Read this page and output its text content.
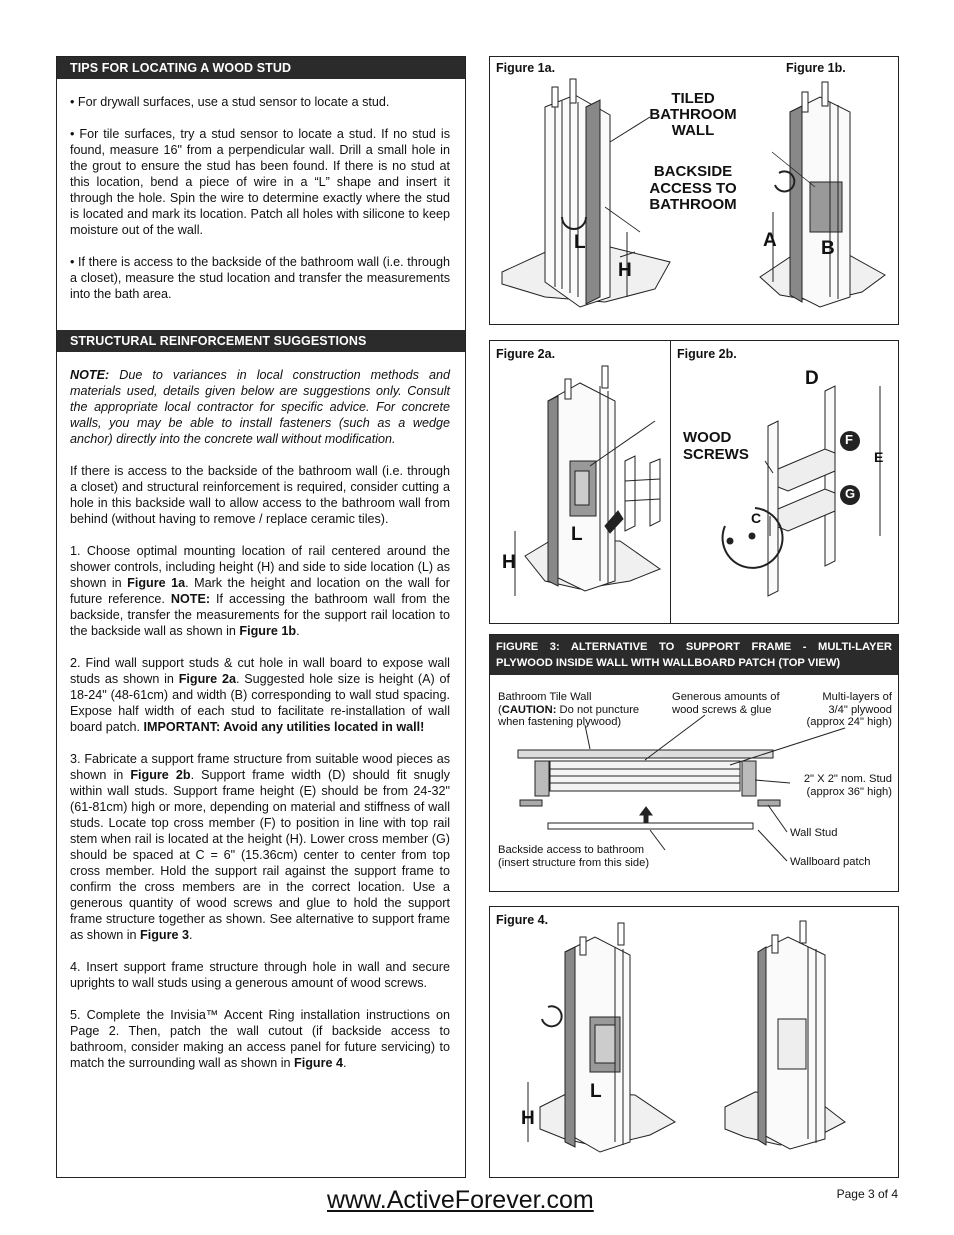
TIPS FOR LOCATING A WOOD STUD

• For drywall surfaces, use a stud sensor to locate a stud.

• For tile surfaces, try a stud sensor to locate a stud. If no stud is found, measure 16" from a perpendicular wall. Drill a small hole in the grout to ensure the stud has been found. If there is no stud at this location, bend a piece of wire in a “L” shape and insert it through the hole. Spin the wire to determine exactly where the stud is located and mark its location. Patch all holes with silicone to keep moisture out of the wall.

• If there is access to the backside of the bathroom wall (i.e. through a closet), measure the stud location and transfer the measurements into the bath area.

STRUCTURAL REINFORCEMENT SUGGESTIONS

NOTE: Due to variances in local construction methods and materials used, details given below are suggestions only. Consult the appropriate local contractor for specific advice. For concrete walls, you may be able to install fasteners (such as a wedge anchor) directly into the concrete wall without modification.

If there is access to the backside of the bathroom wall (i.e. through a closet) and structural reinforcement is required, consider cutting a hole in this backside wall to allow access to the bathroom wall from behind (without having to remove / replace ceramic tiles).

1. Choose optimal mounting location of rail centered around the shower controls, including height (H) and side to side location (L) as shown in Figure 1a. Mark the height and location on the wall for future reference. NOTE: If accessing the bathroom wall from the backside, transfer the measurements for the support rail location to the backside wall as shown in Figure 1b.

2. Find wall support studs & cut hole in wall board to expose wall studs as shown in Figure 2a. Suggested hole size is height (A) of 18-24" (48-61cm) and width (B) corresponding to wall stud spacing. Expose half width of each stud to facilitate re-installation of wall board patch. IMPORTANT: Avoid any utilities located in wall!

3. Fabricate a support frame structure from suitable wood pieces as shown in Figure 2b. Support frame width (D) should fit snugly within wall studs. Support frame height (E) should be from 24-32" (61-81cm) high or more, depending on material and stiffness of wall studs. Locate top cross member (F) to position in line with top rail stem when rail is located at the height (H). Lower cross member (G) should be spaced at C = 6" (15.36cm) center to center from top cross member. Hold the support rail against the support frame to confirm the cross members are in the correct location. Use a generous quantity of wood screws and glue to hold the support frame structure together as shown. See alternative to support frame as shown in Figure 3.

4. Insert support frame structure through hole in wall and secure uprights to wall studs using a generous amount of wood screws.

5. Complete the Invisia™ Accent Ring installation instructions on Page 2. Then, patch the wall cutout (if backside access to bathroom, consider making an access panel for future servicing) to match the surrounding wall as shown in Figure 4.

Figure 1a.	Figure 1b.
TILED
BATHROOM
WALL
BACKSIDE
ACCESS TO
BATHROOM
L
H
A B
Figure 2a.	Figure 2b.
WOOD
SCREWS
D
E
F
G
C
L
H
FIGURE 3: ALTERNATIVE TO SUPPORT FRAME - MULTI-LAYER PLYWOOD INSIDE WALL WITH WALLBOARD PATCH (TOP VIEW)
Bathroom Tile Wall
(CAUTION: Do not puncture
when fastening plywood)
Generous amounts of
wood screws & glue
Multi-layers of
3/4" plywood
(approx 24" high)
2" X 2" nom. Stud
(approx 36" high)
Wall Stud
Backside access to bathroom
(insert structure from this side)	Wallboard patch
Figure 4.
L
H
www.ActiveForever.com	Page 3 of 4
